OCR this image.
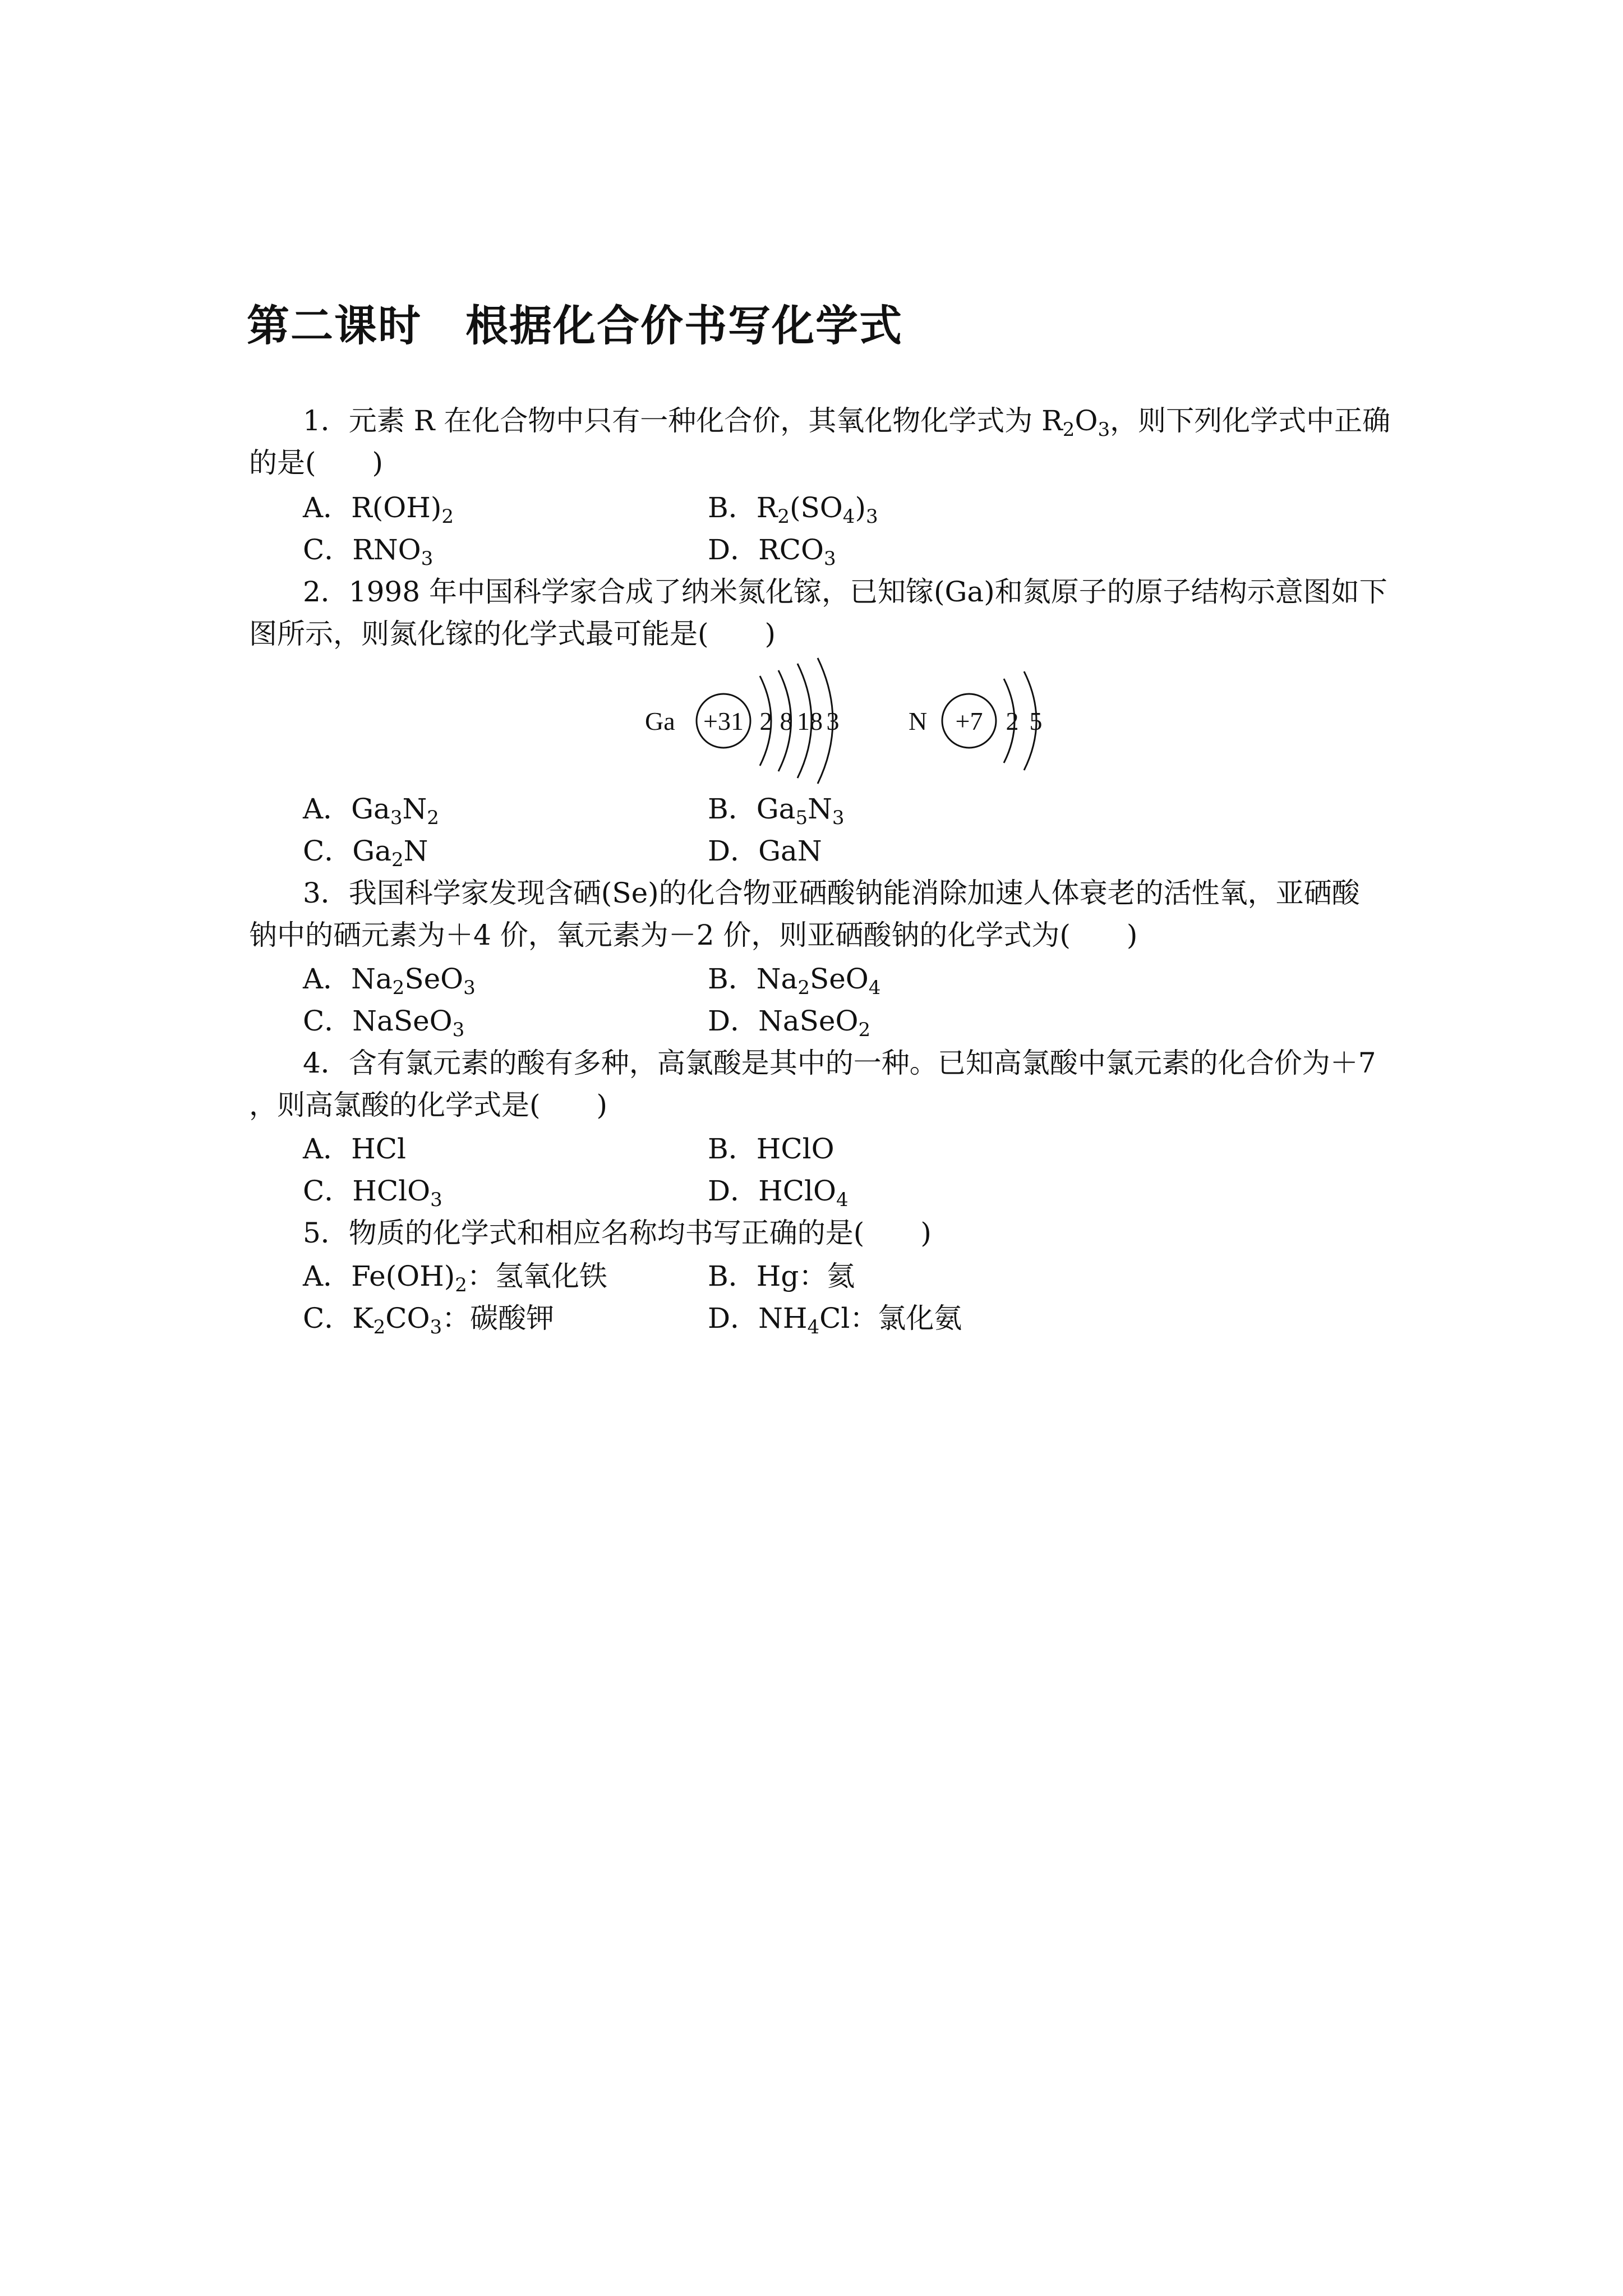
第二课时　根据化合价书写化学式
1．元素 R 在化合物中只有一种化合价，其氧化物化学式为 $R_2O_3$，则下列化学式中正确
的是(　　)
A．$R(OH)_2$	B．$R_2(SO_4)_3$
C．$RNO_3$	D．$RCO_3$
2．1998 年中国科学家合成了纳米氮化镓，已知镓(Ga)和氮原子的原子结构示意图如下
图所示，则氮化镓的化学式最可能是(　　)
Ga +31 2 8 18 3	N +7 2 5
A．$Ga_3N_2$	B．$Ga_5N_3$
C．$Ga_2N$	D．GaN
3．我国科学家发现含硒(Se)的化合物亚硒酸钠能消除加速人体衰老的活性氧，亚硒酸
钠中的硒元素为＋4 价，氧元素为－2 价，则亚硒酸钠的化学式为(　　)
A．$Na_2SeO_3$	B．$Na_2SeO_4$
C．NaSeO$_3$	D．NaSeO$_2$
4．含有氯元素的酸有多种，高氯酸是其中的一种。已知高氯酸中氯元素的化合价为＋7
，则高氯酸的化学式是(　　)
A．HCl	B．HClO
C．HClO$_3$	D．HClO$_4$
5．物质的化学式和相应名称均书写正确的是(　　)
A．$Fe(OH)_2$：氢氧化铁	B．Hg：氦
C．$K_2CO_3$：碳酸钾	D．$NH_4Cl$：氯化氨
